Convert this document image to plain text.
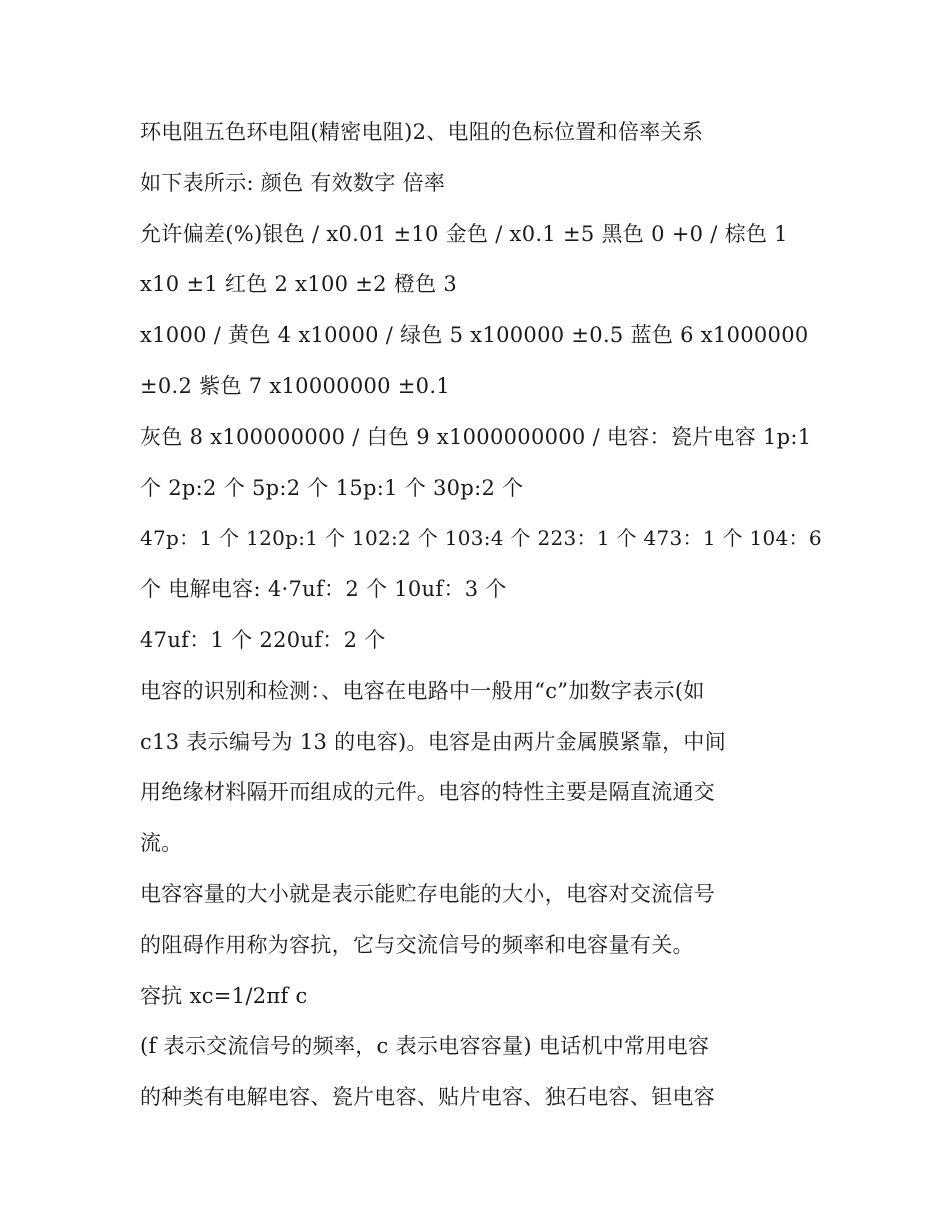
环电阻五色环电阻(精密电阻)2、电阻的色标位置和倍率关系
如下表所示: 颜色 有效数字 倍率
允许偏差(%)银色 / x0.01 ±10 金色 / x0.1 ±5 黑色 0 +0 / 棕色 1
x10 ±1 红色 2 x100 ±2 橙色 3
x1000 / 黄色 4 x10000 / 绿色 5 x100000 ±0.5 蓝色 6 x1000000
±0.2 紫色 7 x10000000 ±0.1
灰色 8 x100000000 / 白色 9 x1000000000 / 电容：瓷片电容 1p:1
个 2p:2 个 5p:2 个 15p:1 个 30p:2 个
47p：1 个 120p:1 个 102:2 个 103:4 个 223：1 个 473：1 个 104：6
个 电解电容: 4·7uf：2 个 10uf：3 个
47uf：1 个 220uf：2 个
电容的识别和检测：、电容在电路中一般用“c”加数字表示(如
c13 表示编号为 13 的电容)。电容是由两片金属膜紧靠，中间
用绝缘材料隔开而组成的元件。电容的特性主要是隔直流通交
流。
电容容量的大小就是表示能贮存电能的大小，电容对交流信号
的阻碍作用称为容抗，它与交流信号的频率和电容量有关。
容抗 xc=1/2πf c
(f 表示交流信号的频率，c 表示电容容量) 电话机中常用电容
的种类有电解电容、瓷片电容、贴片电容、独石电容、钽电容
